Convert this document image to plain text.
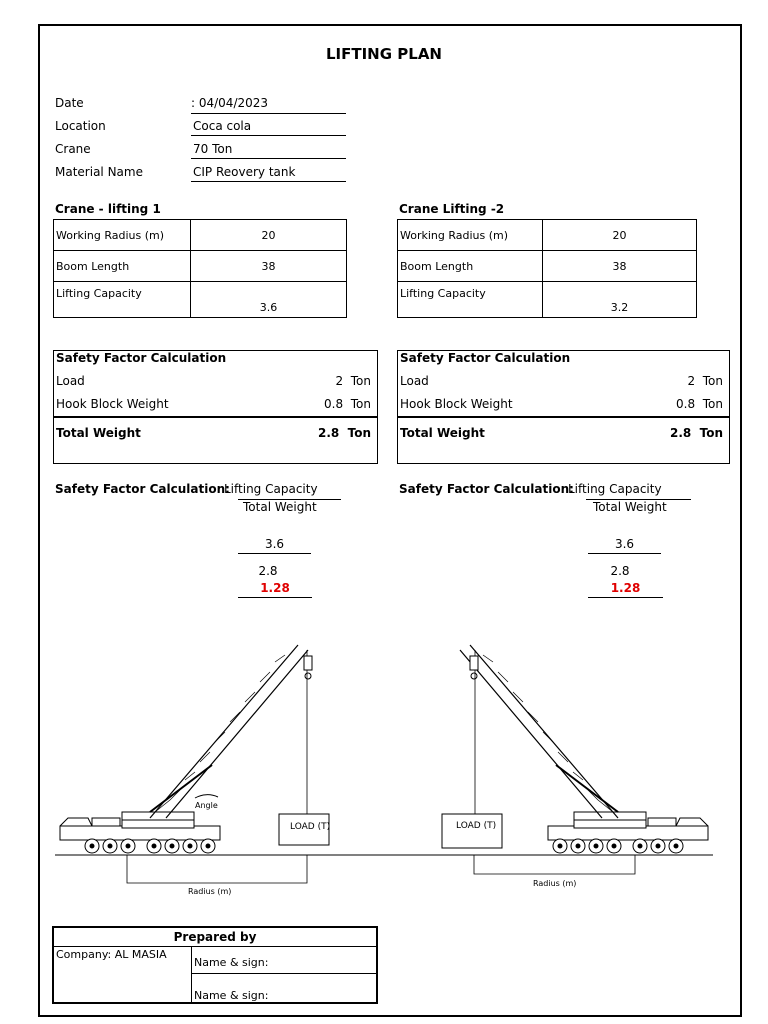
LIFTING PLAN
Date	: 04/04/2023
Location	Coca cola
Crane	70 Ton
Material Name	CIP Reovery tank
Crane - lifting 1
Working Radius (m)	20
Boom Length	38
Lifting Capacity	3.6
Crane Lifting -2
Working Radius (m)	20
Boom Length	38
Lifting Capacity	3.2
Safety Factor Calculation
Load	2 Ton
Hook Block Weight	0.8 Ton
Total Weight	2.8 Ton
Safety Factor Calculation
Load	2 Ton
Hook Block Weight	0.8 Ton
Total Weight	2.8 Ton
Safety Factor Calculation:
Lifting Capacity
Total Weight
3.6
2.8
1.28
Safety Factor Calculation:
Lifting Capacity
Total Weight
3.6
2.8
1.28
Angle
LOAD (T)
Radius (m)
LOAD (T)
Radius (m)
Prepared by
Company: AL MASIA
Name & sign:
Name & sign:
